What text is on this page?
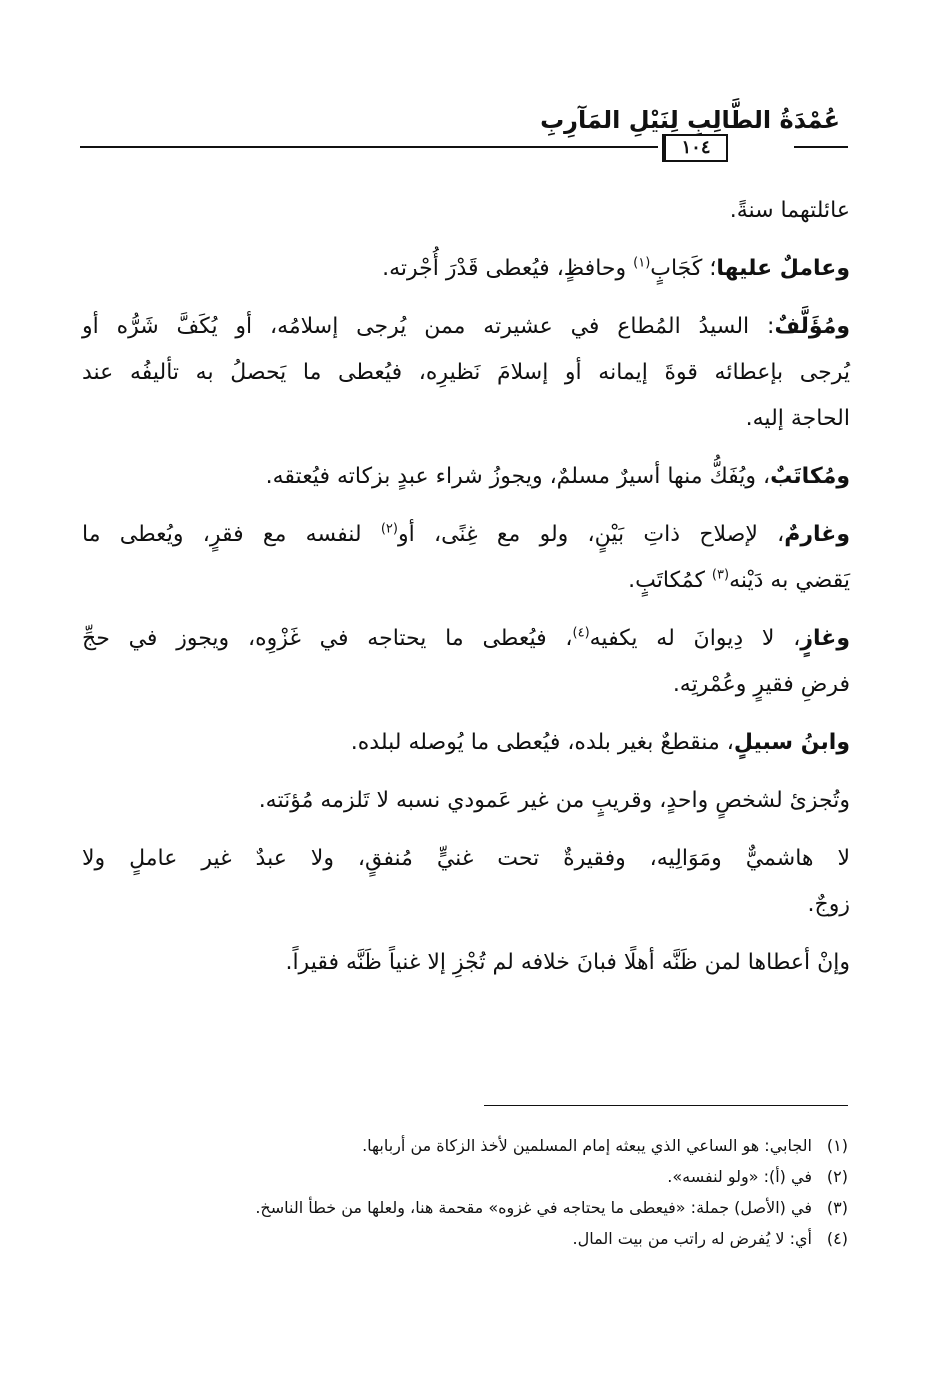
عُمْدَةُ الطَّالِبِ لِنَيْلِ المَآرِبِ
١٠٤
عائلتهما سنةً.
وعاملٌ عليها؛ كَجَابٍ$^{(١)}$ وحافظٍ، فيُعطى قَدْرَ أُجْرته.
ومُؤَلَّفٌ: السيدُ المُطاع في عشيرته ممن يُرجى إسلامُه، أو يُكَفَّ شَرُّه أو
يُرجى بإعطائه قوةَ إيمانه أو إسلامَ نَظيرِه، فيُعطى ما يَحصلُ به تأليفُه عند
الحاجة إليه.
ومُكاتَبٌ، ويُفَكُّ منها أسيرٌ مسلمٌ، ويجوزُ شراء عبدٍ بزكاته فيُعتقه.
وغارمٌ، لإصلاح ذاتِ بَيْنٍ، ولو مع غِنًى، أو$^{(٢)}$ لنفسه مع فقرٍ، ويُعطى ما
يَقضي به دَيْنه$^{(٣)}$ كمُكاتَبٍ.
وغازٍ، لا دِيوانَ له يكفيه$^{(٤)}$، فيُعطى ما يحتاجه في غَزْوِه، ويجوز في حجِّ
فرضِ فقيرٍ وعُمْرتِه.
وابنُ سبيلٍ، منقطعٌ بغير بلده، فيُعطى ما يُوصله لبلده.
وتُجزئ لشخصٍ واحدٍ، وقريبٍ من غير عَمودي نسبه لا تَلزمه مُؤنَته.
لا هاشميٌّ ومَوَالِيه، وفقيرةٌ تحت غنيٍّ مُنفقٍ، ولا عبدٌ غير عاملٍ ولا
زوجٌ.
وإنْ أعطاها لمن ظَنَّه أهلًا فبانَ خلافه لم تُجْزِ إلا غنياً ظَنَّه فقيراً.
(١)الجابي: هو الساعي الذي يبعثه إمام المسلمين لأخذ الزكاة من أربابها.
(٢)في (أ): «ولو لنفسه».
(٣)في (الأصل) جملة: «فيعطى ما يحتاجه في غزوه» مقحمة هنا، ولعلها من خطأ الناسخ.
(٤)أي: لا يُفرض له راتب من بيت المال.
